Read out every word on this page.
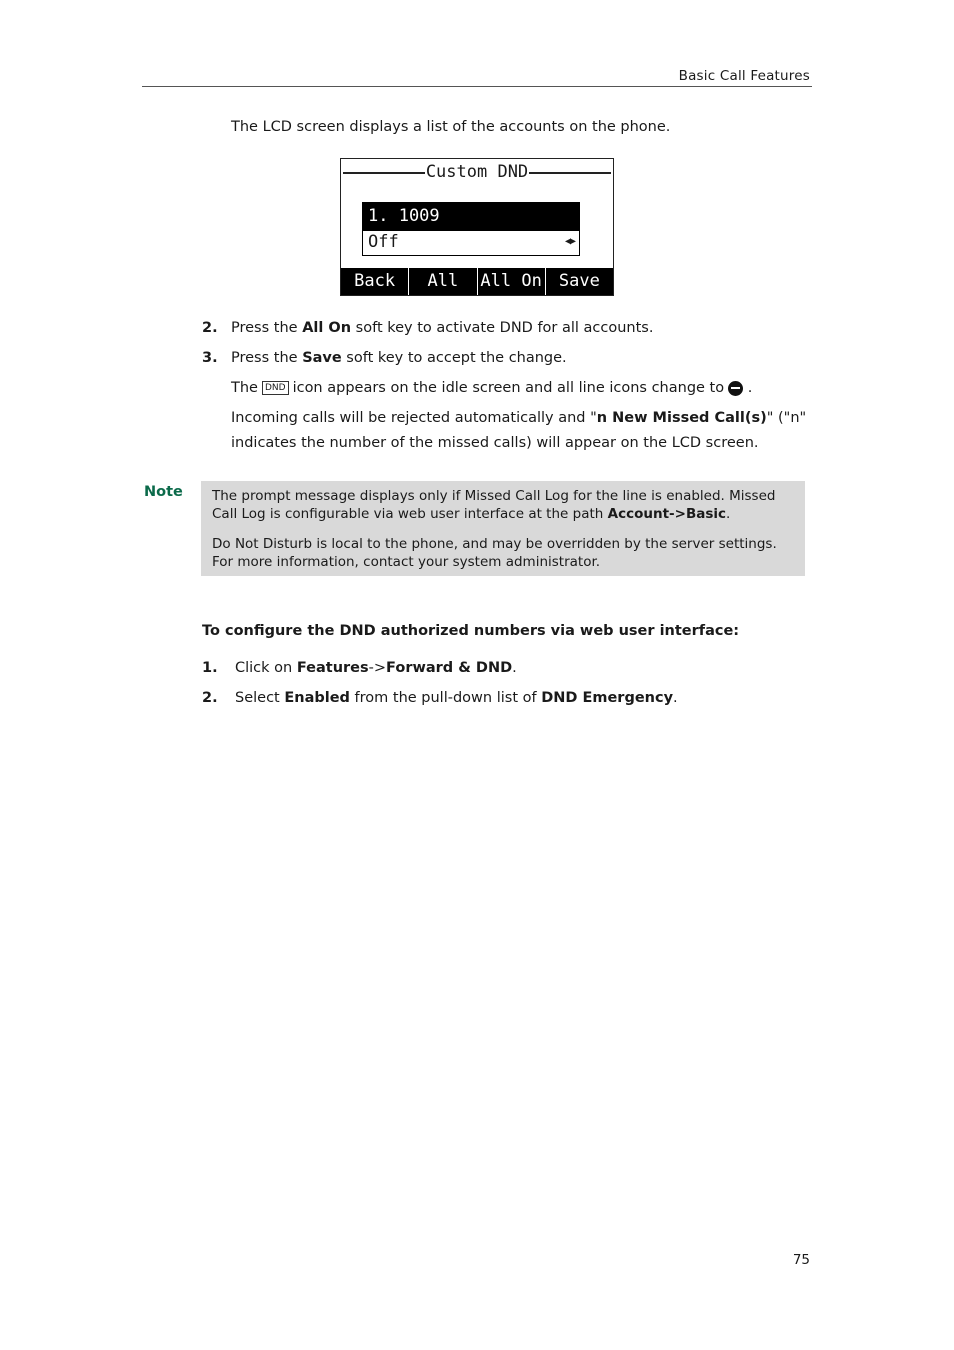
Basic Call Features
The LCD screen displays a list of the accounts on the phone.
Custom DND
1. 1009
Off	◀▶
Back	All OFF
All On	Save
2. Press the All On soft key to activate DND for all accounts.
3. Press the Save soft key to accept the change.
The DND icon appears on the idle screen and all line icons change to .
Incoming calls will be rejected automatically and "n New Missed Call(s)" ("n"
indicates the number of the missed calls) will appear on the LCD screen.
Note The prompt message displays only if Missed Call Log for the line is enabled. Missed Call Log is configurable via web user interface at the path Account->Basic.

Do Not Disturb is local to the phone, and may be overridden by the server settings. For more information, contact your system administrator.

To configure the DND authorized numbers via web user interface:
1. Click on Features->Forward & DND.
2. Select Enabled from the pull-down list of DND Emergency.
75
